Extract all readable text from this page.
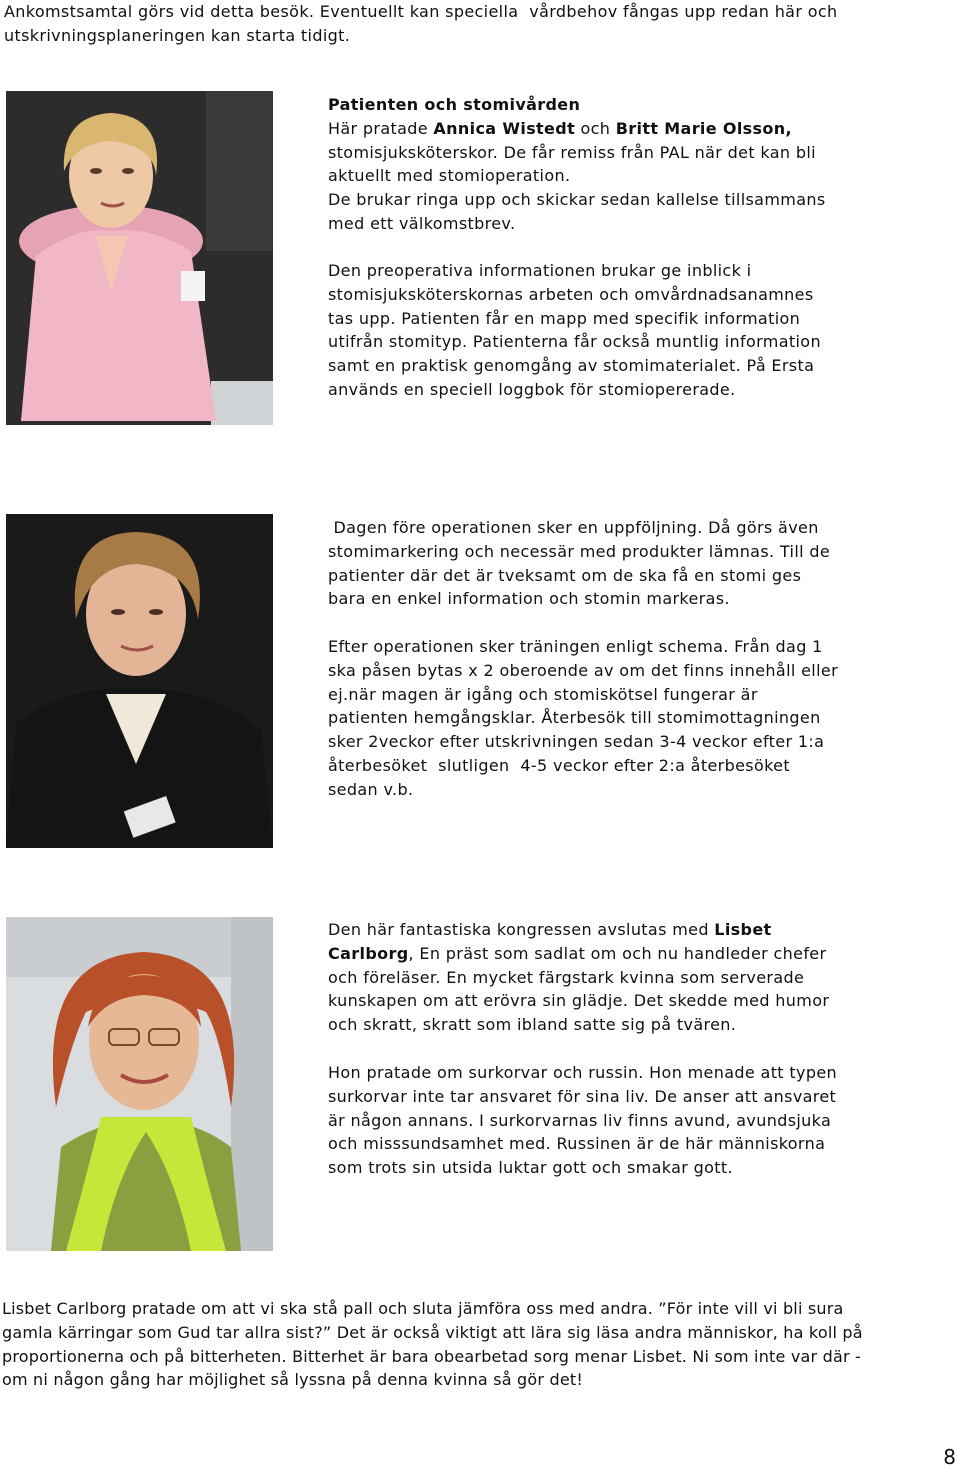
Ankomstsamtal görs vid detta besök. Eventuellt kan speciella  vårdbehov fångas upp redan här och
utskrivningsplaneringen kan starta tidigt.

Patienten och stomivården
Här pratade Annica Wistedt och Britt Marie Olsson,
stomisjuksköterskor. De får remiss från PAL när det kan bli
aktuellt med stomioperation.
De brukar ringa upp och skickar sedan kallelse tillsammans
med ett välkomstbrev.
Den preoperativa informationen brukar ge inblick i
stomisjuksköterskornas arbeten och omvårdnadsanamnes
tas upp. Patienten får en mapp med specifik information
utifrån stomityp. Patienterna får också muntlig information
samt en praktisk genomgång av stomimaterialet. På Ersta
används en speciell loggbok för stomiopererade.
Dagen före operationen sker en uppföljning. Då görs även
stomimarkering och necessär med produkter lämnas. Till de
patienter där det är tveksamt om de ska få en stomi ges
bara en enkel information och stomin markeras.
Efter operationen sker träningen enligt schema. Från dag 1
ska påsen bytas x 2 oberoende av om det finns innehåll eller
ej.när magen är igång och stomiskötsel fungerar är
patienten hemgångsklar. Återbesök till stomimottagningen
sker 2veckor efter utskrivningen sedan 3-4 veckor efter 1:a
återbesöket  slutligen  4-5 veckor efter 2:a återbesöket
sedan v.b.
Den här fantastiska kongressen avslutas med Lisbet
Carlborg, En präst som sadlat om och nu handleder chefer
och föreläser. En mycket färgstark kvinna som serverade
kunskapen om att erövra sin glädje. Det skedde med humor
och skratt, skratt som ibland satte sig på tvären.
Hon pratade om surkorvar och russin. Hon menade att typen
surkorvar inte tar ansvaret för sina liv. De anser att ansvaret
är någon annans. I surkorvarnas liv finns avund, avundsjuka
och misssundsamhet med. Russinen är de här människorna
som trots sin utsida luktar gott och smakar gott.
Lisbet Carlborg pratade om att vi ska stå pall och sluta jämföra oss med andra. ”För inte vill vi bli sura
gamla kärringar som Gud tar allra sist?” Det är också viktigt att lära sig läsa andra människor, ha koll på
proportionerna och på bitterheten. Bitterhet är bara obearbetad sorg menar Lisbet. Ni som inte var där -
om ni någon gång har möjlighet så lyssna på denna kvinna så gör det!
8
